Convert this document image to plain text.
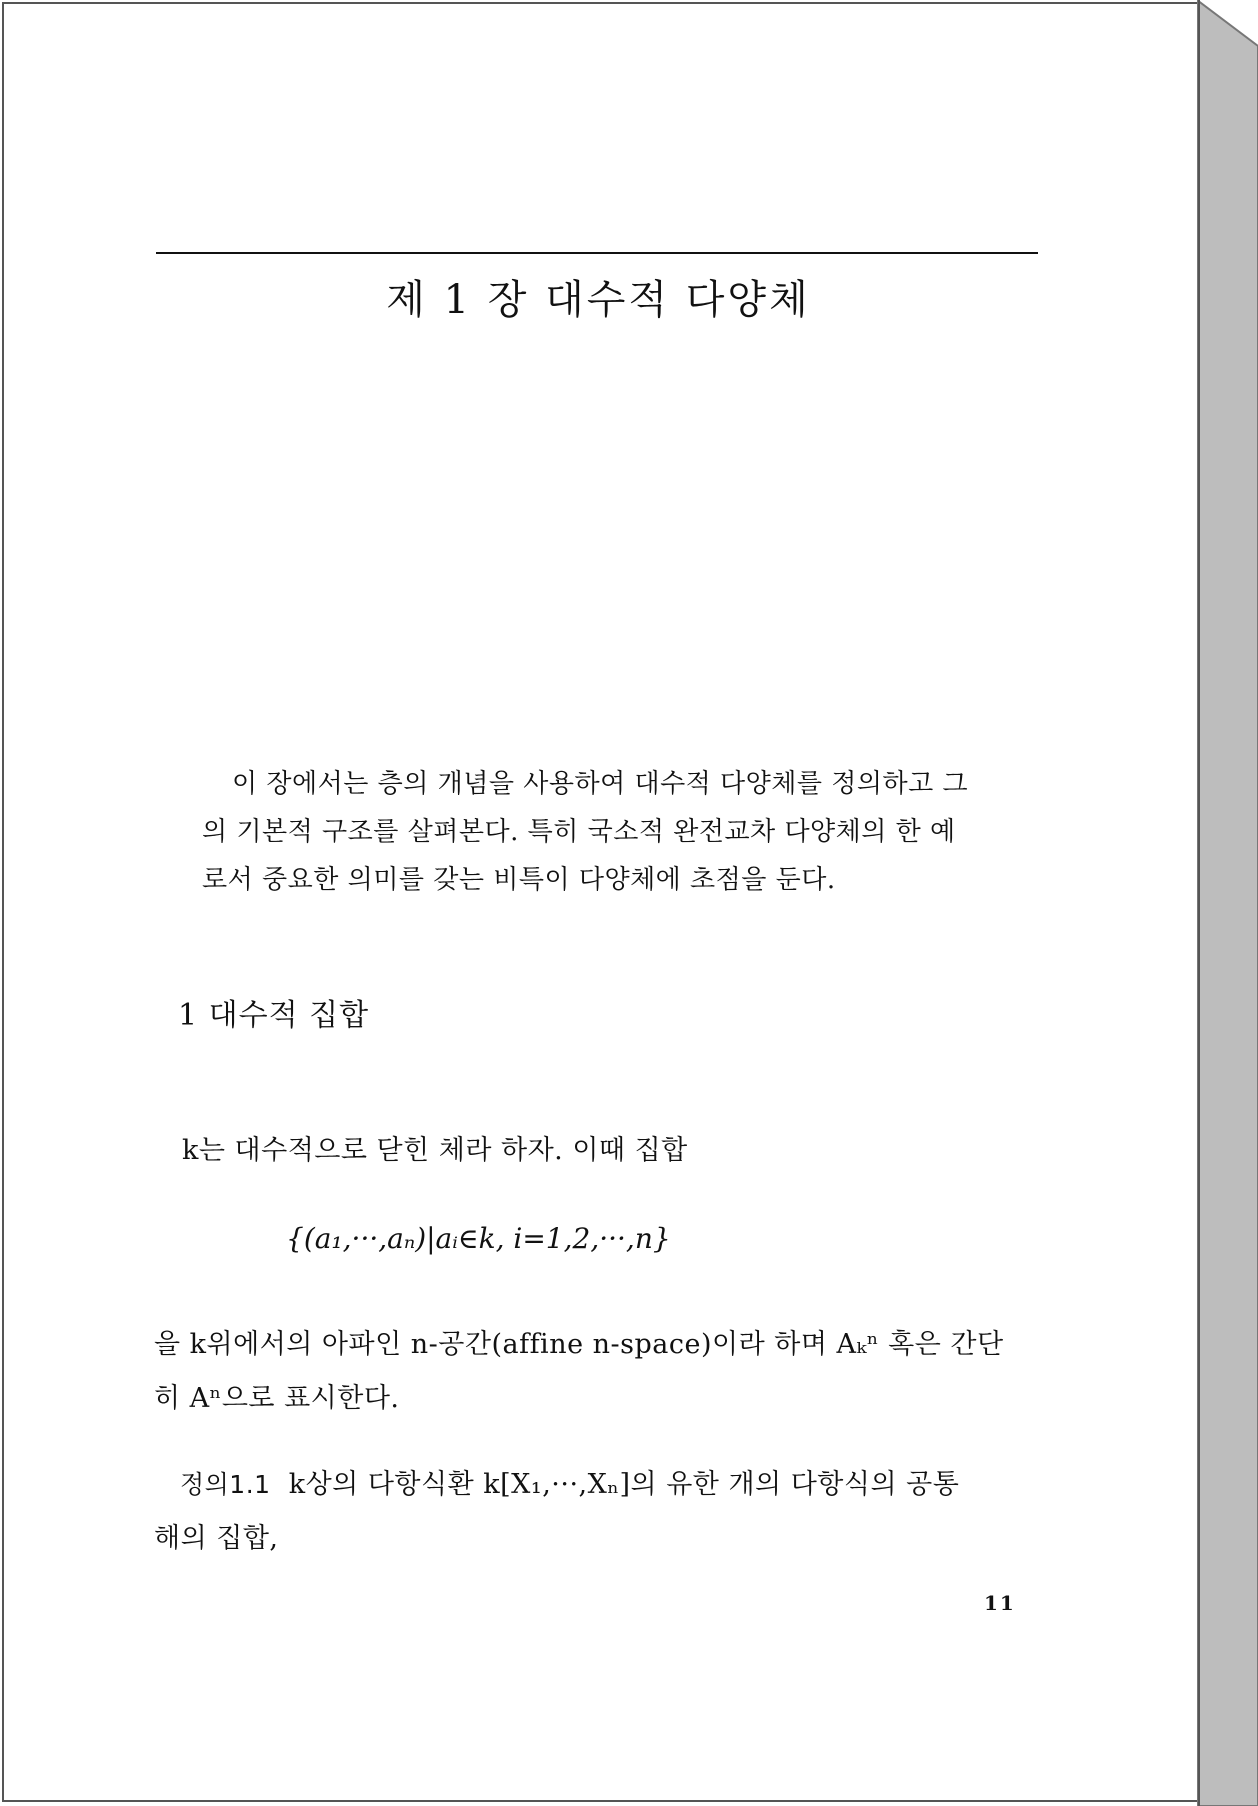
제 1 장 대수적 다양체
이 장에서는 층의 개념을 사용하여 대수적 다양체를 정의하고 그
의 기본적 구조를 살펴본다. 특히 국소적 완전교차 다양체의 한 예
로서 중요한 의미를 갖는 비특이 다양체에 초점을 둔다.
1 대수적 집합
k는 대수적으로 닫힌 체라 하자. 이때 집합
{(a₁,···,aₙ)|aᵢ∈k, i=1,2,···,n}
을 k위에서의 아파인 n-공간(affine n-space)이라 하며 Aₖⁿ 혹은 간단
히 Aⁿ으로 표시한다.
정의1.1 k상의 다항식환 k[X₁,···,Xₙ]의 유한 개의 다항식의 공통
해의 집합,
11
